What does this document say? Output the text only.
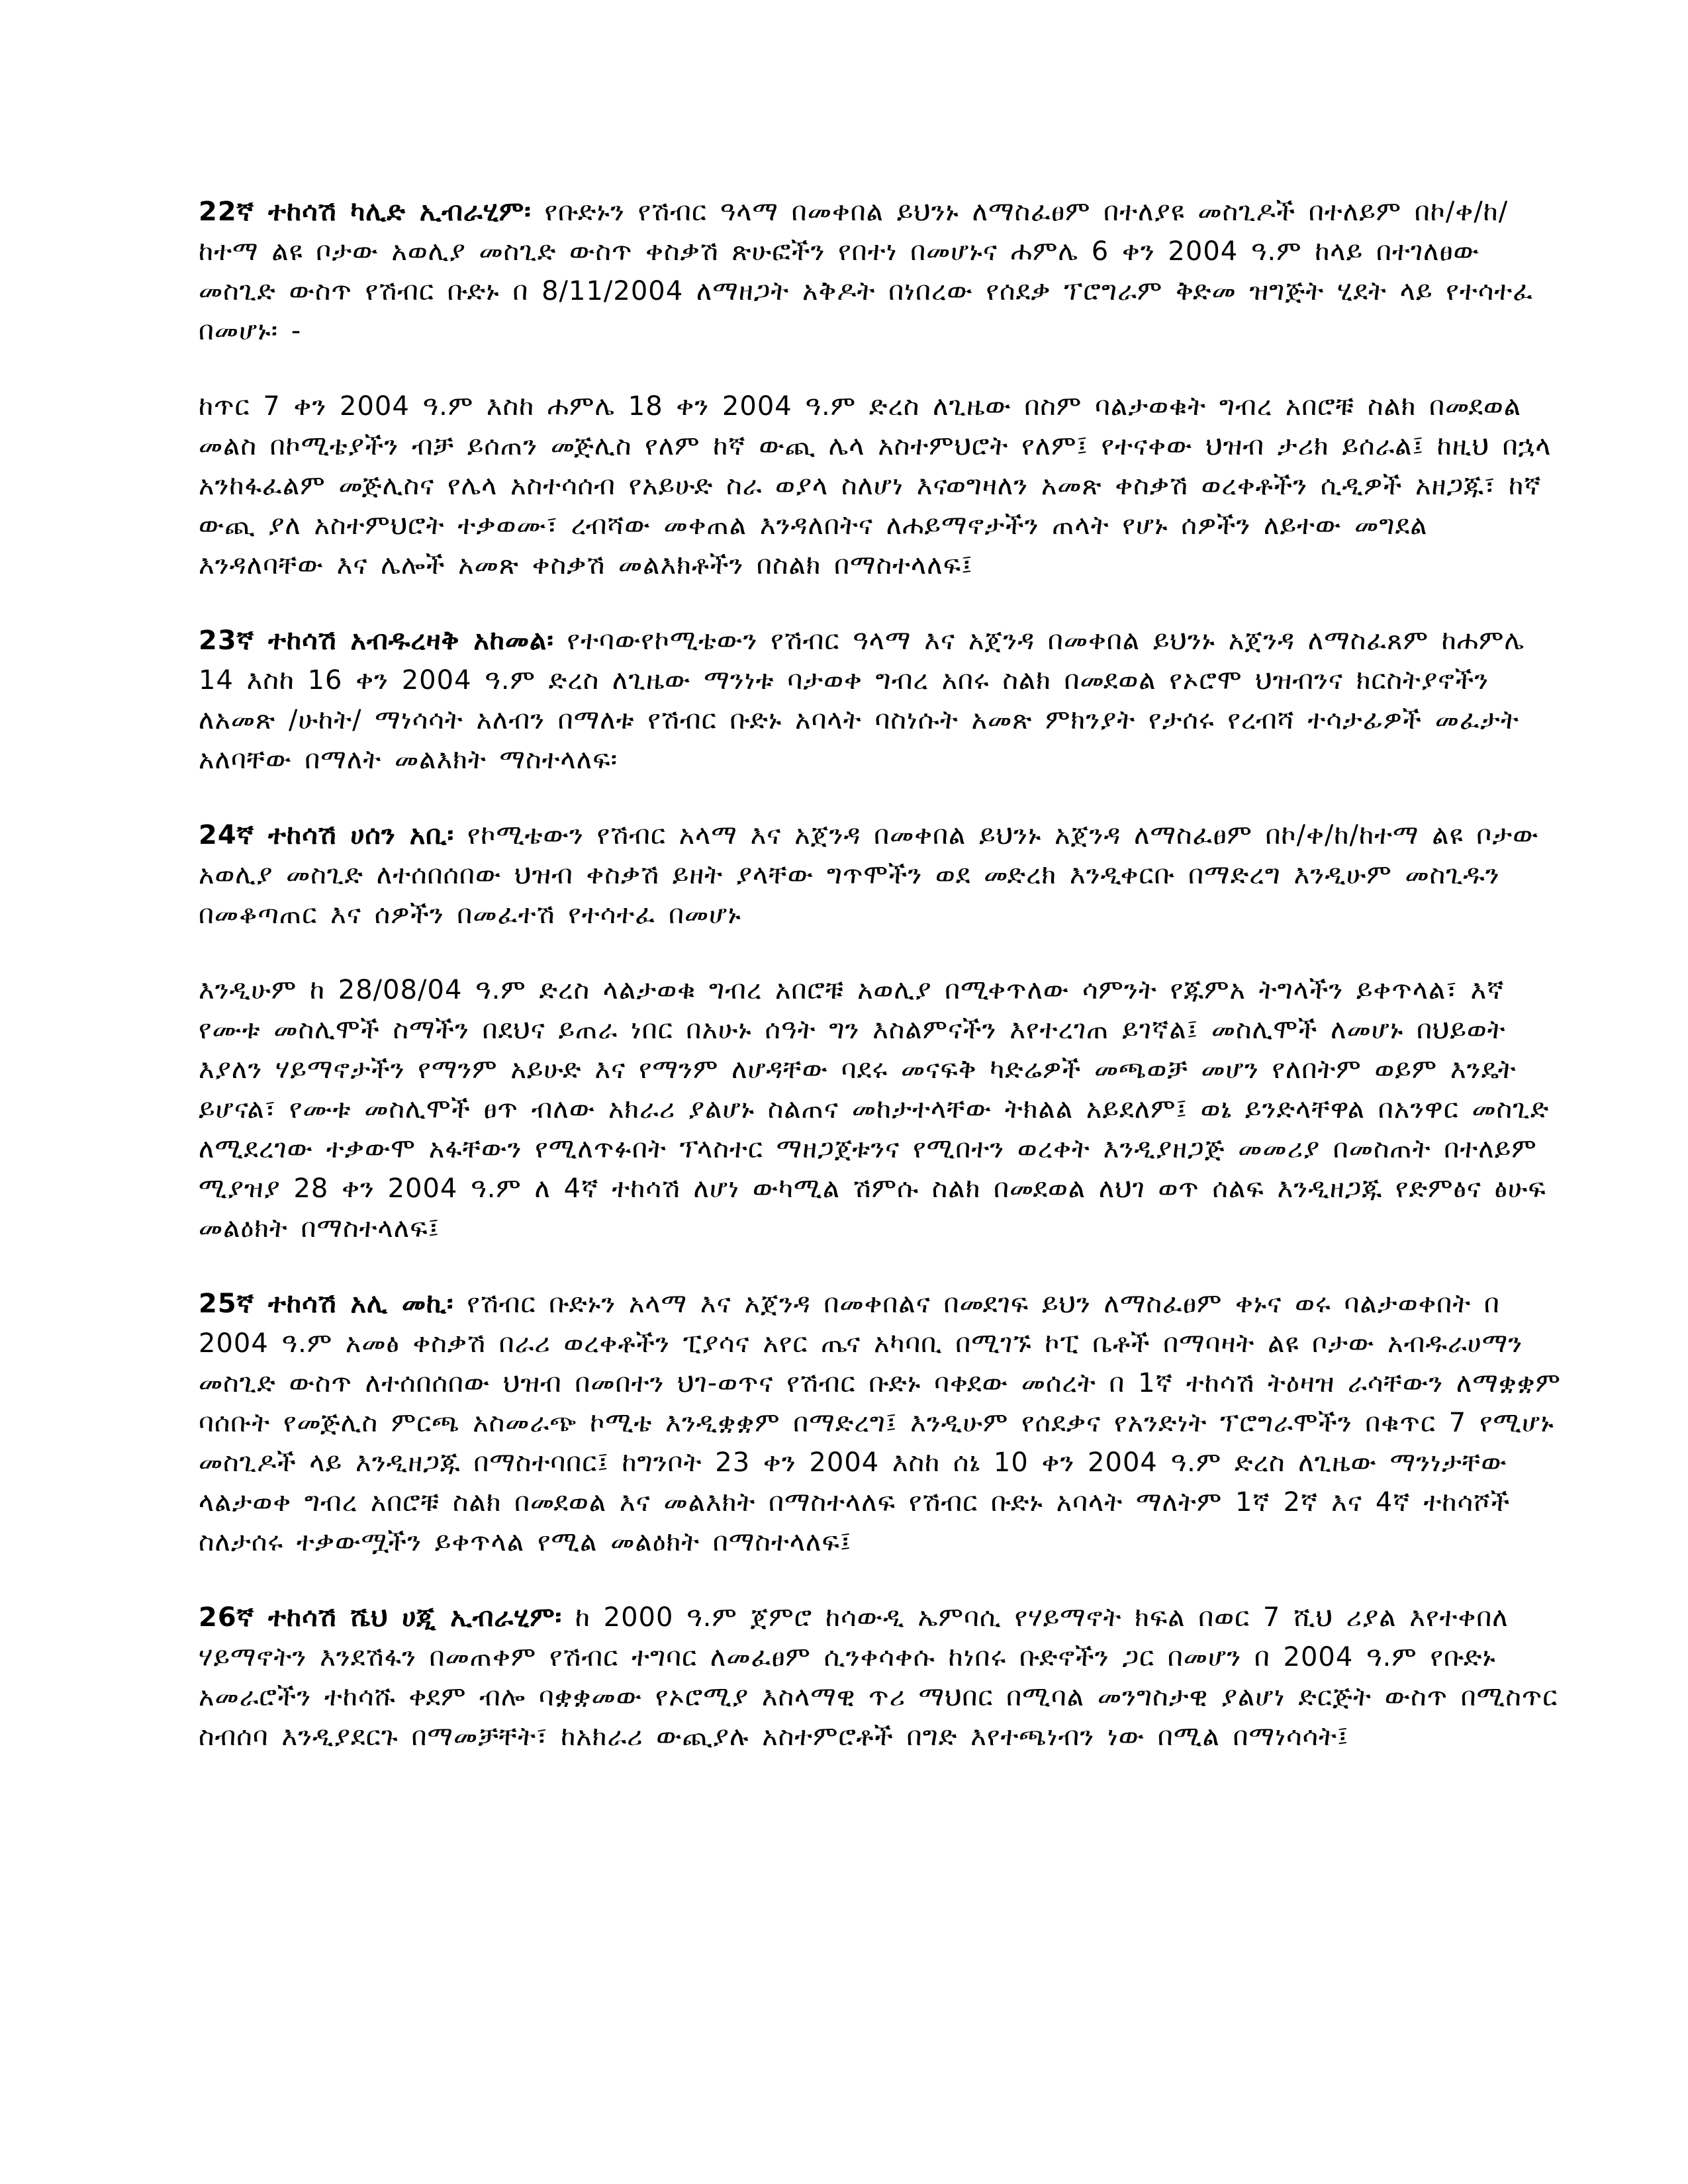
22ኛ ተከሳሽ ካሊድ ኢብራሂም፡ የቡድኑን የሽብር ዓላማ በመቀበል ይህንኑ ለማስፈፀም በተለያዩ መስጊዶች በተለይም በኮ/ቀ/ከ/ከተማ ልዩ ቦታው አወሊያ መስጊድ ውስጥ ቀስቃሽ ጽሁፎችን የበተነ በመሆኑና ሐምሌ 6 ቀን 2004 ዓ.ም ከላይ በተገለፀው መስጊድ ውስጥ የሽብር ቡድኑ በ 8/11/2004 ለማዘጋት አቅዶት በነበረው የሰደቃ ፕሮግራም ቅድመ ዝግጅት ሂደት ላይ የተሳተፈ በመሆኑ፡ -

ከጥር 7 ቀን 2004 ዓ.ም እስከ ሐምሌ 18 ቀን 2004 ዓ.ም ድረስ ለጊዜው በስም ባልታወቁት ግብረ አበሮቹ ስልክ በመደወል መልስ በኮሚቴያችን ብቻ ይሰጠን መጅሊስ የለም ከኛ ውጪ ሌላ አስተምህሮት የለም፤ የተናቀው ህዝብ ታሪክ ይሰራል፤ ከዚህ በኋላ አንከፋፈልም መጅሊስና የሌላ አስተሳሰብ የአይሁድ ስራ ወያላ ስለሆነ እናወግዛለን አመጽ ቀስቃሽ ወረቀቶችን ሲዲዎች አዘጋጁ፣ ከኛ ውጪ ያለ አስተምህሮት ተቃወሙ፣ ረብሻው መቀጠል እንዳለበትና ለሐይማኖታችን ጠላት የሆኑ ሰዎችን ለይተው መግደል እንዳለባቸው እና ሌሎች አመጽ ቀስቃሽ መልእክቶችን በስልክ በማስተላለፍ፤

23ኛ ተከሳሽ አብዱረዛቅ አከመል፡ የተባውየኮሚቴውን የሽብር ዓላማ እና አጀንዳ በመቀበል ይህንኑ አጀንዳ ለማስፈጸም ከሐምሌ 14 እስከ 16 ቀን 2004 ዓ.ም ድረስ ለጊዜው ማንነቱ ባታወቀ ግብረ አበሩ ስልክ በመደወል የኦሮሞ ህዝብንና ክርስትያኖችን ለአመጽ /ሁከት/ ማነሳሳት አለብን በማለቱ የሽብር ቡድኑ አባላት ባስነሱት አመጽ ምክንያት የታሰሩ የረብሻ ተሳታፊዎች መፈታት አለባቸው በማለት መልእክት ማስተላለፍ፡

24ኛ ተከሳሽ ሀሰን አቢ፡ የኮሚቴውን የሽብር አላማ እና አጀንዳ በመቀበል ይህንኑ አጀንዳ ለማስፈፀም በኮ/ቀ/ከ/ከተማ ልዩ ቦታው አወሊያ መስጊድ ለተሰበሰበው ህዝብ ቀስቃሽ ይዘት ያላቸው ግጥሞችን ወደ መድረክ እንዲቀርቡ በማድረግ እንዲሁም መስጊዱን በመቆጣጠር እና ሰዎችን በመፈተሽ የተሳተፈ በመሆኑ

እንዲሁም ከ 28/08/04 ዓ.ም ድረስ ላልታወቁ ግብረ አበሮቹ አወሊያ በሚቀጥለው ሳምንት የጁምአ ትግላችን ይቀጥላል፣ እኛ የሙቱ መስሊሞች ስማችን በደህና ይጠራ ነበር በአሁኑ ሰዓት ግን እስልምናችን እየተረገጠ ይገኛል፤ መስሊሞች ለመሆኑ በህይወት እያለን ሃይማኖታችን የማንም አይሁድ እና የማንም ለሆዳቸው ባደሩ መናፍቅ ካድሬዎች መጫወቻ መሆን የለበትም ወይም እንዴት ይሆናል፣ የሙቱ መስሊሞች ፀጥ ብለው አክራሪ ያልሆኑ ስልጠና መከታተላቸው ትክልል አይደለም፤ ወኔ ይንድላቸዋል በአንዋር መስጊድ ለሚደረገው ተቃውሞ አፋቸውን የሚለጥፉበት ፕላስተር ማዘጋጀቱንና የሚበተን ወረቀት እንዲያዘጋጅ መመሪያ በመስጠት በተለይም ሚያዝያ 28 ቀን 2004 ዓ.ም ለ 4ኛ ተከሳሽ ለሆነ ውካሚል ሽምሱ ስልክ በመደወል ለህገ ወጥ ሰልፍ እንዲዘጋጁ የድምፅና ፅሁፍ መልዕክት በማስተላለፍ፤

25ኛ ተከሳሽ አሊ መኪ፡ የሽብር ቡድኑን አላማ እና አጀንዳ በመቀበልና በመደገፍ ይህን ለማስፈፀም ቀኑና ወሩ ባልታወቀበት በ 2004 ዓ.ም አመፅ ቀስቃሽ በራሪ ወረቀቶችን ፒያሳና አየር ጤና አካባቢ በሚገኙ ኮፒ ቤቶች በማባዛት ልዩ ቦታው አብዱራሀማን መስጊድ ውስጥ ለተሰበሰበው ህዝብ በመበተን ህገ-ወጥና የሽብር ቡድኑ ባቀደው መሰረት በ 1ኛ ተከሳሽ ትዕዛዝ ራሳቸውን ለማቋቋም ባሰቡት የመጅሊስ ምርጫ አስመራጭ ኮሚቴ እንዲቋቋም በማድረግ፤ እንዲሁም የሰደቃና የአንድነት ፕሮግራሞችን በቁጥር 7 የሚሆኑ መስጊዶች ላይ እንዲዘጋጁ በማስተባበር፤ ከግንቦት 23 ቀን 2004 እስከ ሰኔ 10 ቀን 2004 ዓ.ም ድረስ ለጊዜው ማንነታቸው ላልታወቀ ግብረ አበሮቹ ስልክ በመደወል እና መልእክት በማስተላለፍ የሽብር ቡድኑ አባላት ማለትም 1ኛ 2ኛ እና 4ኛ ተከሳሾች ስለታሰሩ ተቃውሟችን ይቀጥላል የሚል መልዕክት በማስተላለፍ፤

26ኛ ተከሳሽ ሼህ ሀጂ ኢብራሂም፡ ከ 2000 ዓ.ም ጀምሮ ከሳውዲ ኤምባሲ የሃይማኖት ክፍል በወር 7 ሺህ ሪያል እየተቀበለ ሃይማኖትን እንደሽፋን በመጠቀም የሽብር ተግባር ለመፈፀም ሲንቀሳቀሱ ከነበሩ ቡድኖችን ጋር በመሆን በ 2004 ዓ.ም የቡድኑ አመራሮችን ተከሳሹ ቀደም ብሎ ባቋቋመው የኦሮሚያ እስላማዊ ጥሪ ማህበር በሚባል መንግስታዊ ያልሆነ ድርጅት ውስጥ በሚስጥር ስብሰባ እንዲያደርጉ በማመቻቸት፣ ከአክራሪ ውጪያሉ አስተምሮቶች በግድ እየተጫነብን ነው በሚል በማነሳሳት፤
